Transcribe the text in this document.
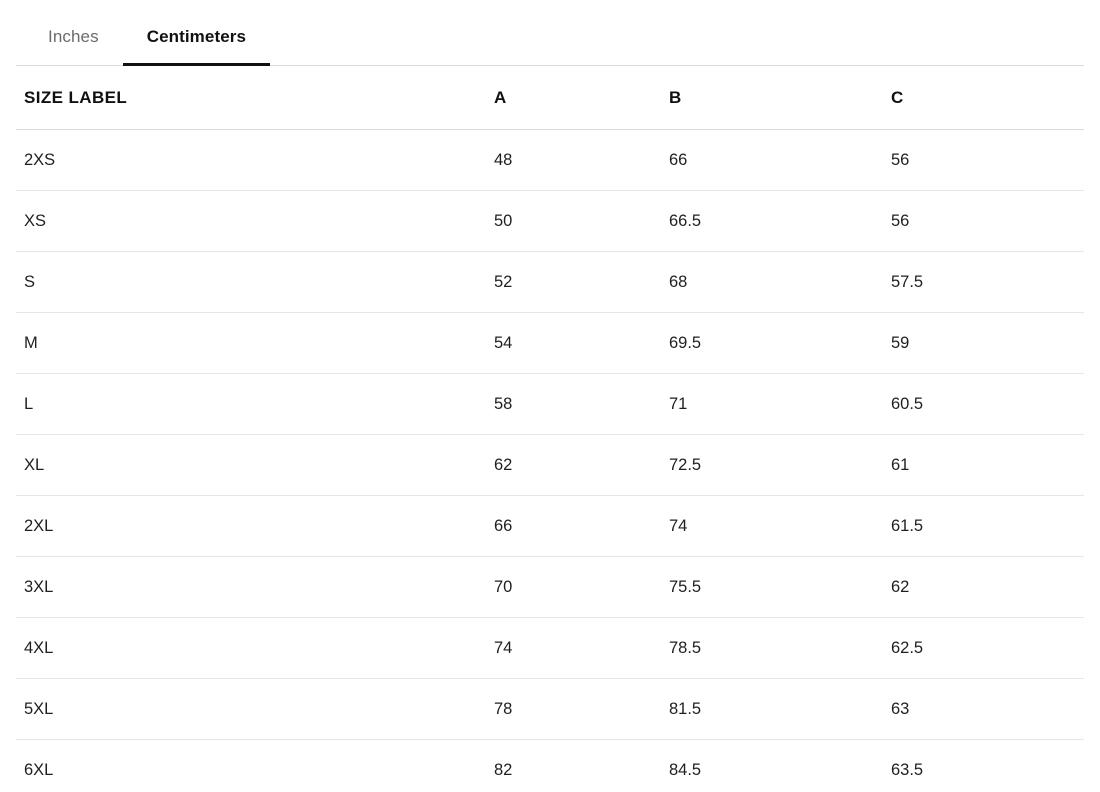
Inches	Centimeters
SIZE LABEL	A	B	C
2XS	48	66	56
XS	50	66.5	56
S	52	68	57.5
M	54	69.5	59
L	58	71	60.5
XL	62	72.5	61
2XL	66	74	61.5
3XL	70	75.5	62
4XL	74	78.5	62.5
5XL	78	81.5	63
6XL	82	84.5	63.5
